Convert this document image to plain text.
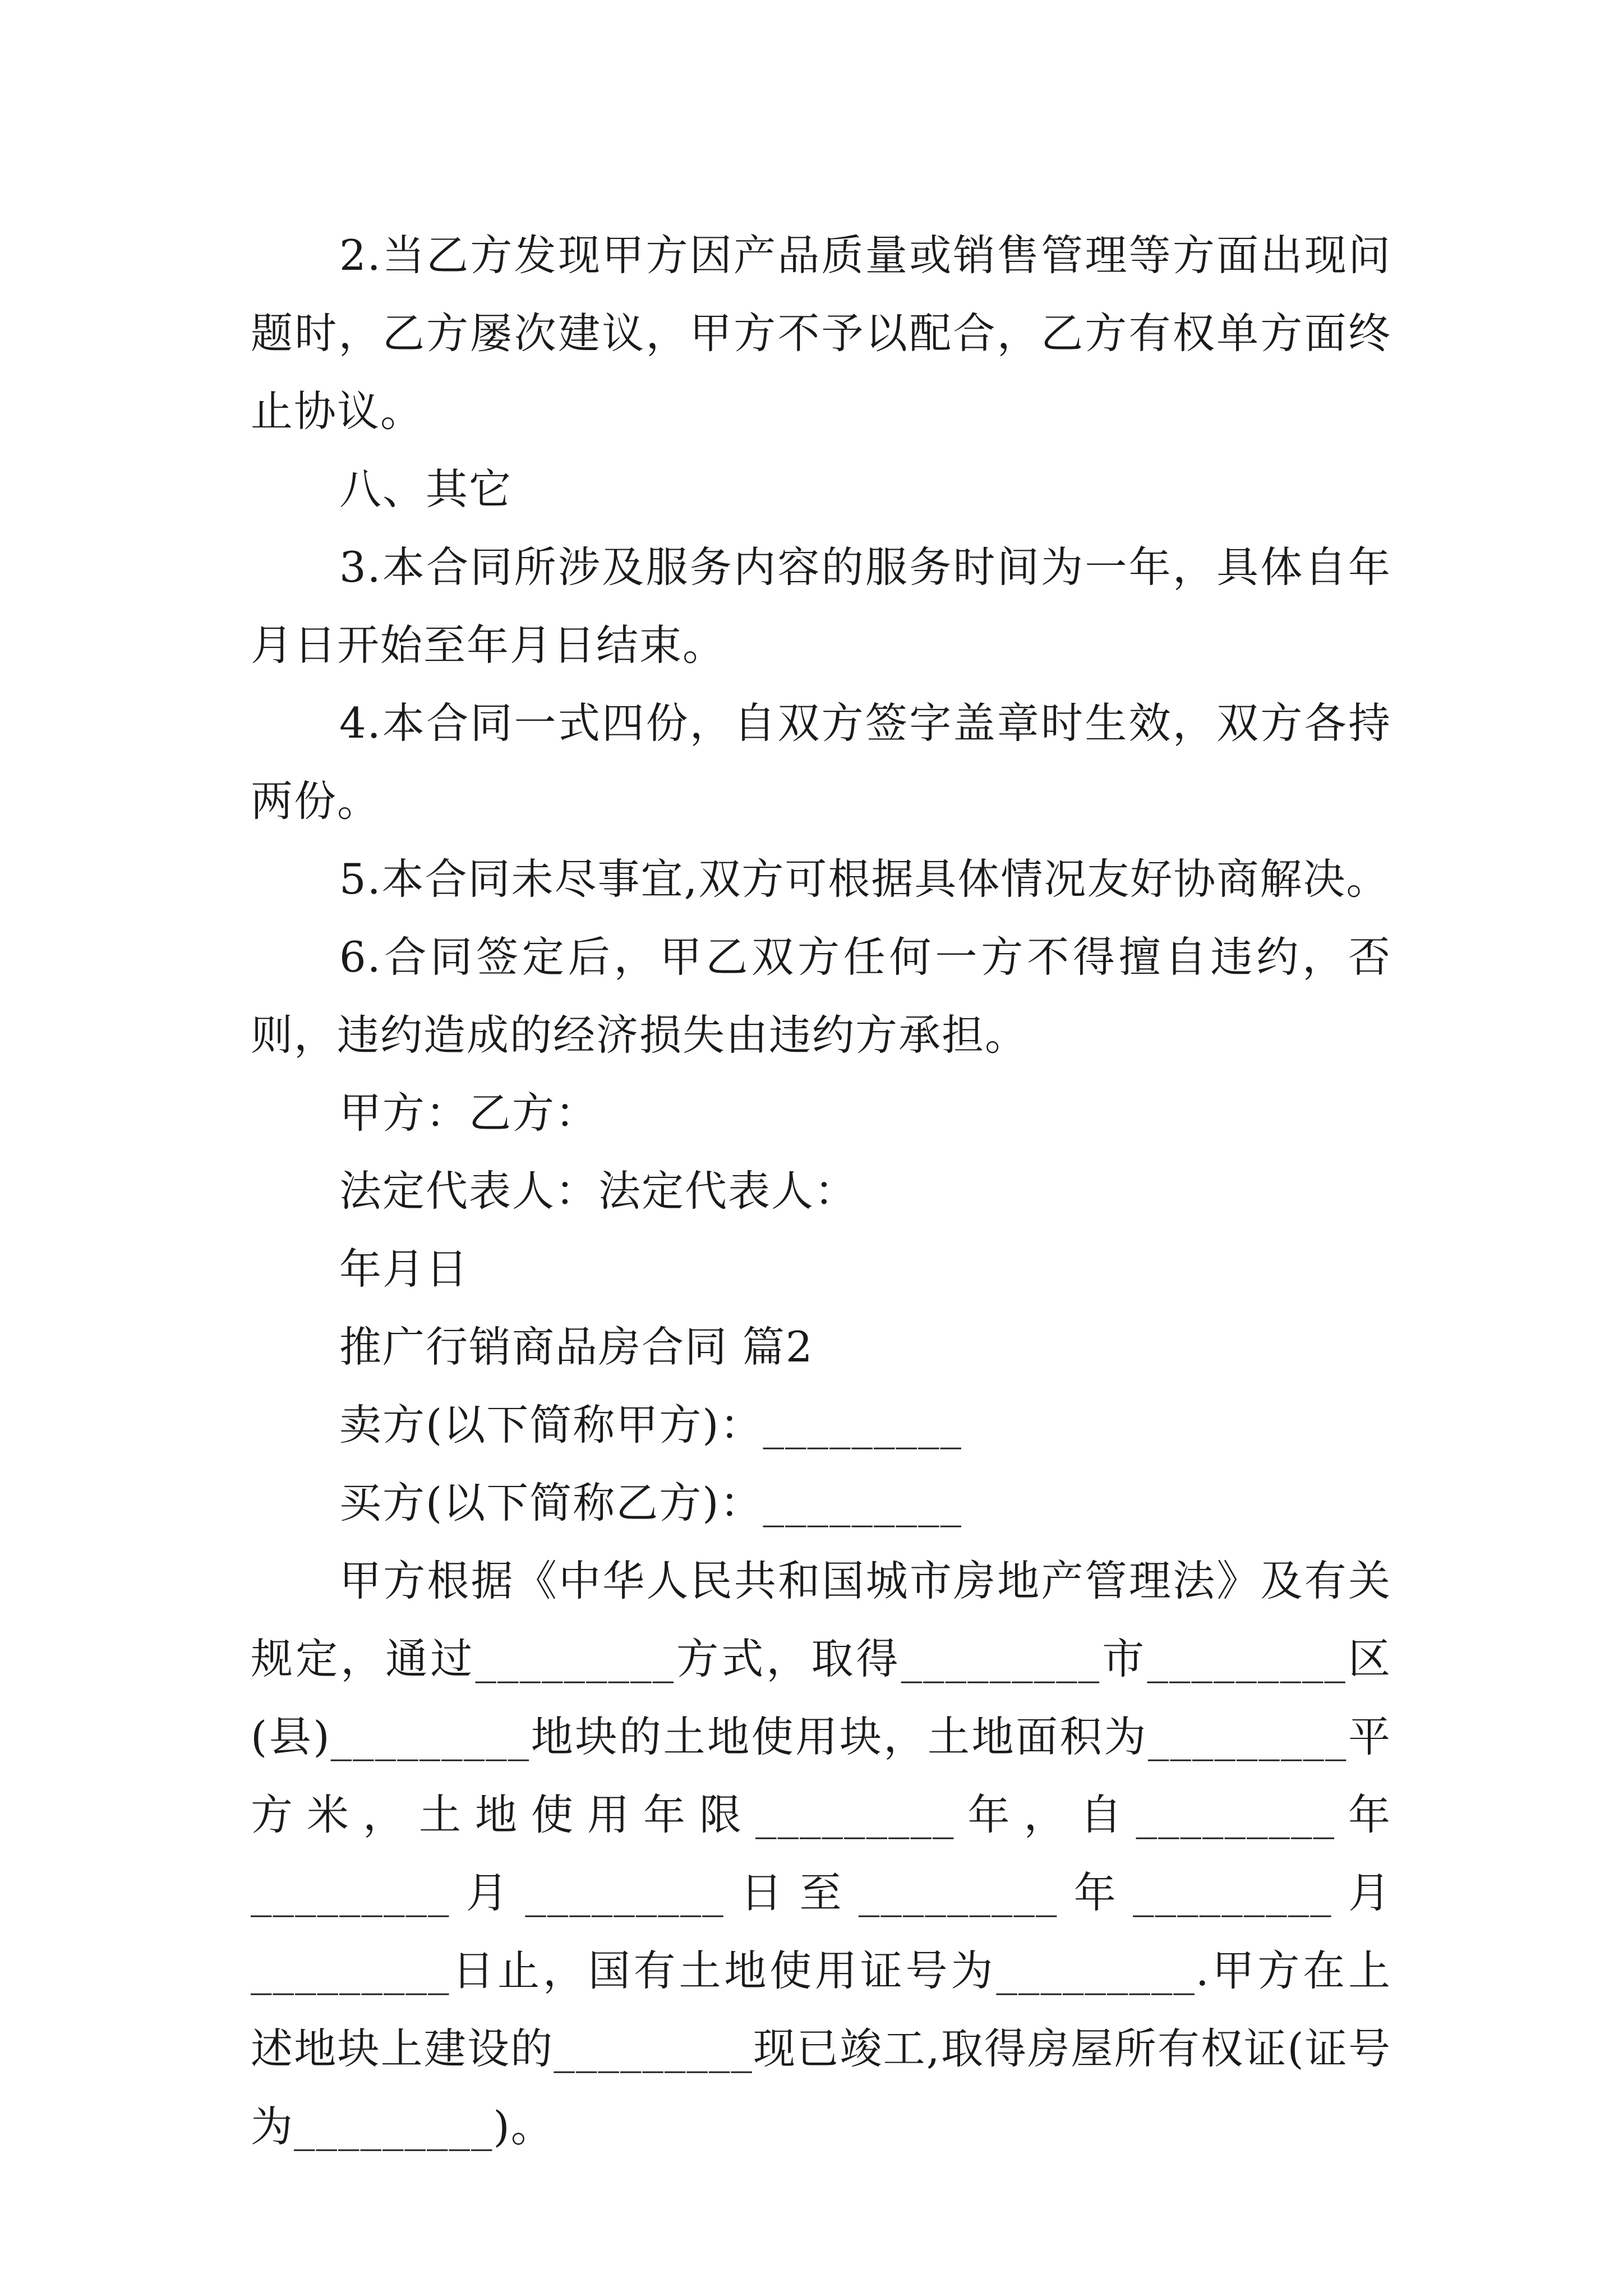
2.当乙方发现甲方因产品质量或销售管理等方面出现问题时，乙方屡次建议，甲方不予以配合，乙方有权单方面终止协议。

八、其它

3.本合同所涉及服务内容的服务时间为一年，具体自年月日开始至年月日结束。

4.本合同一式四份，自双方签字盖章时生效，双方各持两份。

5.本合同未尽事宜,双方可根据具体情况友好协商解决。

6.合同签定后，甲乙双方任何一方不得擅自违约，否则，违约造成的经济损失由违约方承担。

甲方：乙方：

法定代表人：法定代表人：

年月日

推广行销商品房合同 篇2

卖方(以下简称甲方)：_________

买方(以下简称乙方)：_________

甲方根据《中华人民共和国城市房地产管理法》及有关规定，通过_________方式，取得_________市_________区(县)_________地块的土地使用块，土地面积为_________平方米，土地使用年限_________年，自_________年_________月_________日至_________年_________月_________日止，国有土地使用证号为_________.甲方在上述地块上建设的_________现已竣工,取得房屋所有权证(证号为_________)。
